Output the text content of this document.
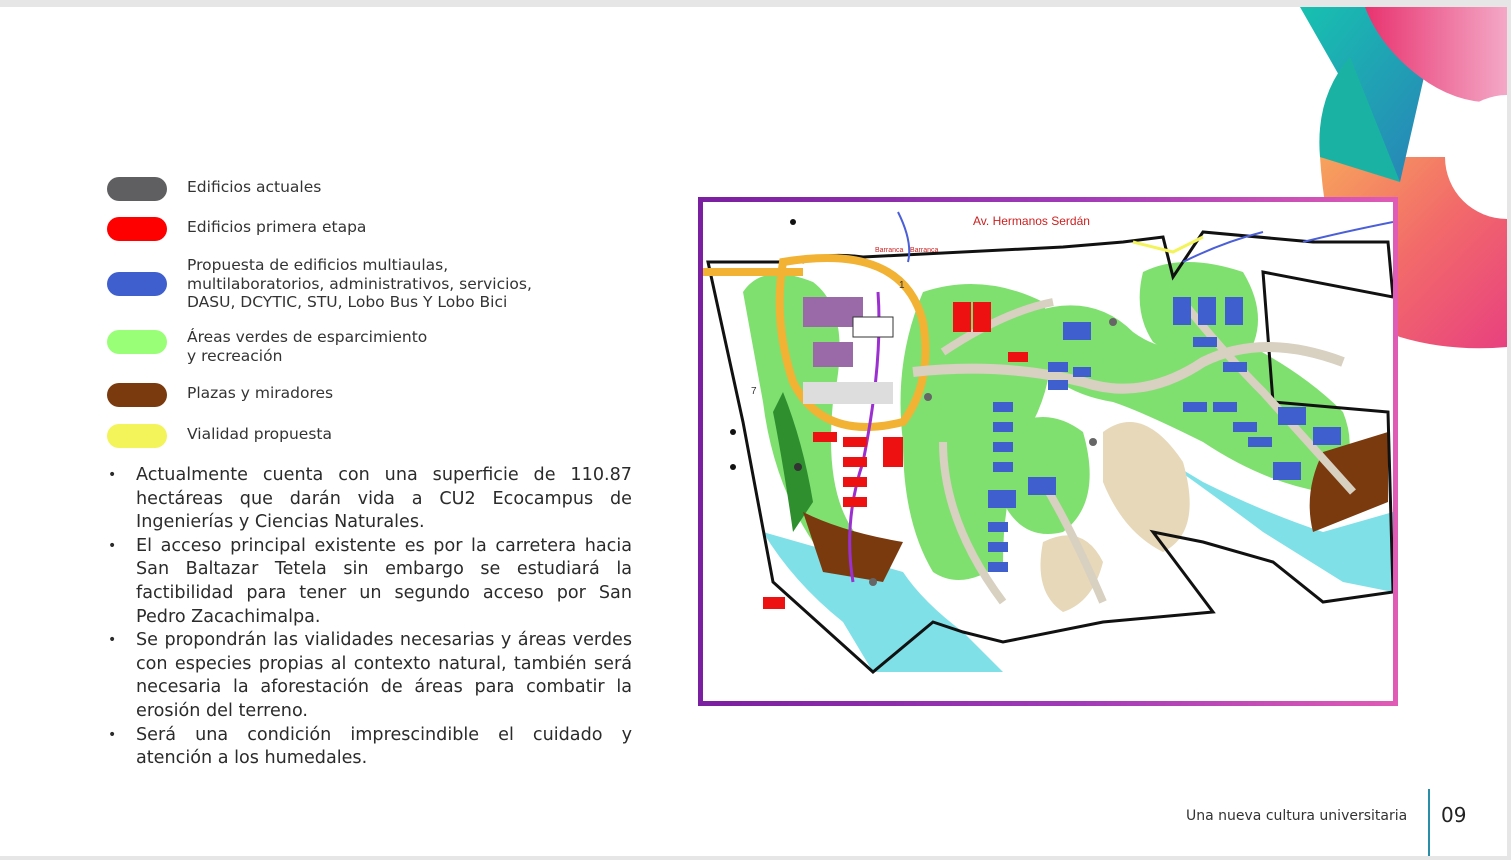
Edificios actuales
Edificios primera etapa
Propuesta de edificios multiaulas,
multilaboratorios, administrativos, servicios,
DASU, DCYTIC, STU, Lobo Bus Y Lobo Bici
Áreas verdes de esparcimiento
y recreación
Plazas y miradores
Vialidad propuesta
• Actualmente cuenta con una superficie de 110.87 hectáreas que darán vida a CU2 Ecocampus de Ingenierías y Ciencias Naturales.
• El acceso principal existente es por la carretera hacia San Baltazar Tetela sin embargo se estudiará la factibilidad para tener un segundo acceso por San Pedro Zacachimalpa.
• Se propondrán las vialidades necesarias y áreas verdes con especies propias al contexto natural, también será necesaria la aforestación de áreas para combatir la erosión del terreno.
• Será una condición imprescindible el cuidado y atención a los humedales.
Barranca Barranca
7
1
Av. Hermanos Serdán
Una nueva cultura universitaria 09
